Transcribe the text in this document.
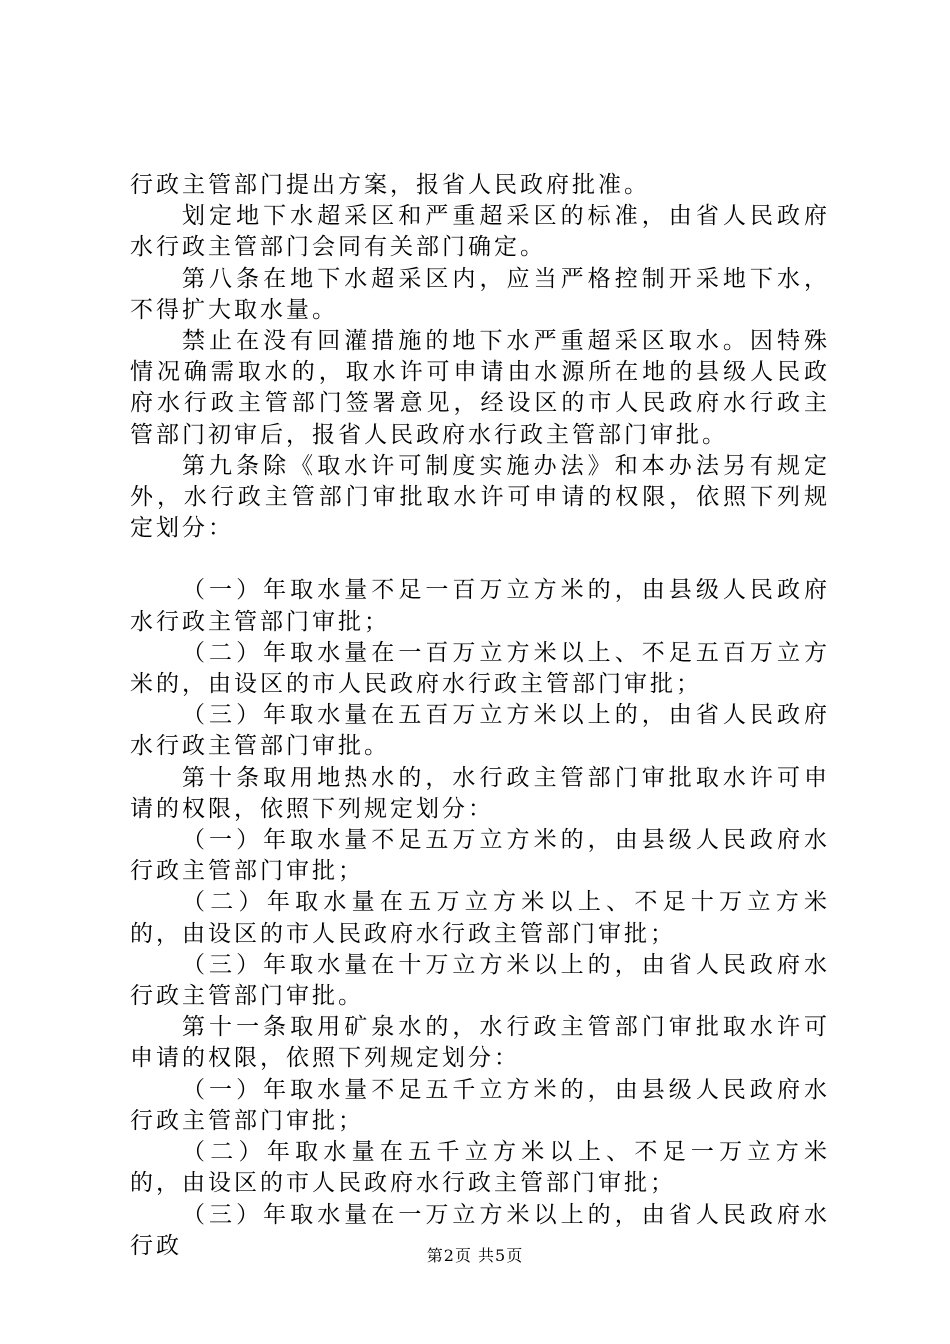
行政主管部门提出方案，报省人民政府批准。

划定地下水超采区和严重超采区的标准，由省人民政府水行政主管部门会同有关部门确定。

第八条在地下水超采区内，应当严格控制开采地下水，不得扩大取水量。

禁止在没有回灌措施的地下水严重超采区取水。因特殊情况确需取水的，取水许可申请由水源所在地的县级人民政府水行政主管部门签署意见，经设区的市人民政府水行政主管部门初审后，报省人民政府水行政主管部门审批。

第九条除《取水许可制度实施办法》和本办法另有规定外，水行政主管部门审批取水许可申请的权限，依照下列规定划分：

（一）年取水量不足一百万立方米的，由县级人民政府水行政主管部门审批；

（二）年取水量在一百万立方米以上、不足五百万立方米的，由设区的市人民政府水行政主管部门审批；

（三）年取水量在五百万立方米以上的，由省人民政府水行政主管部门审批。

第十条取用地热水的，水行政主管部门审批取水许可申请的权限，依照下列规定划分：

（一）年取水量不足五万立方米的，由县级人民政府水行政主管部门审批；

（二）年取水量在五万立方米以上、不足十万立方米的，由设区的市人民政府水行政主管部门审批；

（三）年取水量在十万立方米以上的，由省人民政府水行政主管部门审批。

第十一条取用矿泉水的，水行政主管部门审批取水许可申请的权限，依照下列规定划分：

（一）年取水量不足五千立方米的，由县级人民政府水行政主管部门审批；

（二）年取水量在五千立方米以上、不足一万立方米的，由设区的市人民政府水行政主管部门审批；

（三）年取水量在一万立方米以上的，由省人民政府水行政	第2页 共5页
